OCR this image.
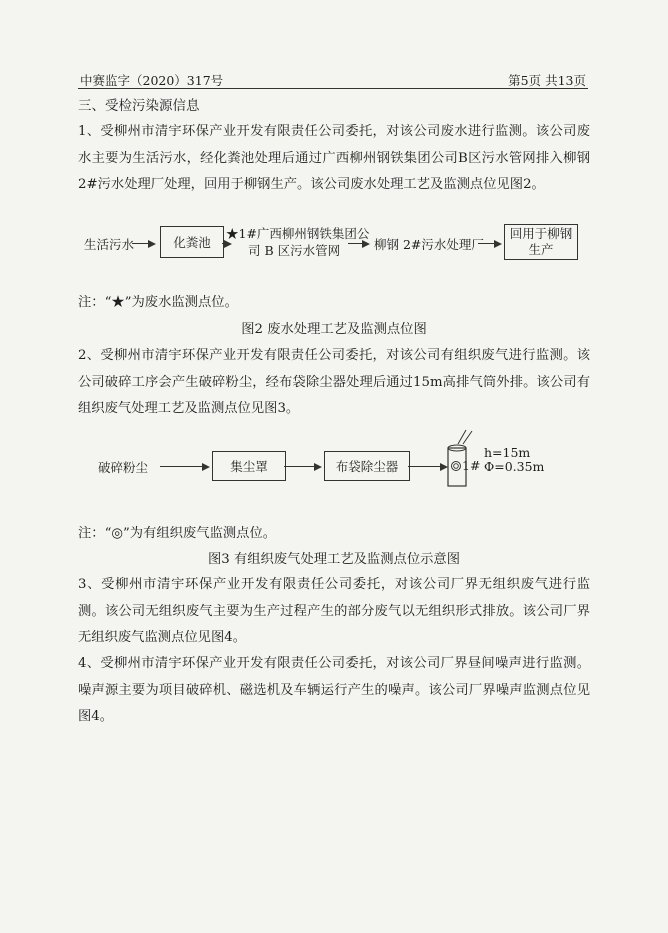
中赛监字（2020）317号	第5页 共13页
三、受检污染源信息
1、受柳州市清宇环保产业开发有限责任公司委托，对该公司废水进行监测。该公司废水主要为生活污水，经化粪池处理后通过广西柳州钢铁集团公司B区污水管网排入柳钢2#污水处理厂处理，回用于柳钢生产。该公司废水处理工艺及监测点位见图2。
生活污水	化粪池
★1#广西柳州钢铁集团公
司 B 区污水管网	柳钢 2#污水处理厂
回用于柳钢
生产
注：“★”为废水监测点位。
图2 废水处理工艺及监测点位图
2、受柳州市清宇环保产业开发有限责任公司委托，对该公司有组织废气进行监测。该公司破碎工序会产生破碎粉尘，经布袋除尘器处理后通过15m高排气筒外排。该公司有组织废气处理工艺及监测点位见图3。
破碎粉尘	集尘罩	布袋除尘器	1#
h=15m
Φ=0.35m
注：“◎”为有组织废气监测点位。
图3 有组织废气处理工艺及监测点位示意图
3、受柳州市清宇环保产业开发有限责任公司委托，对该公司厂界无组织废气进行监测。该公司无组织废气主要为生产过程产生的部分废气以无组织形式排放。该公司厂界无组织废气监测点位见图4。
4、受柳州市清宇环保产业开发有限责任公司委托，对该公司厂界昼间噪声进行监测。噪声源主要为项目破碎机、磁选机及车辆运行产生的噪声。该公司厂界噪声监测点位见图4。
